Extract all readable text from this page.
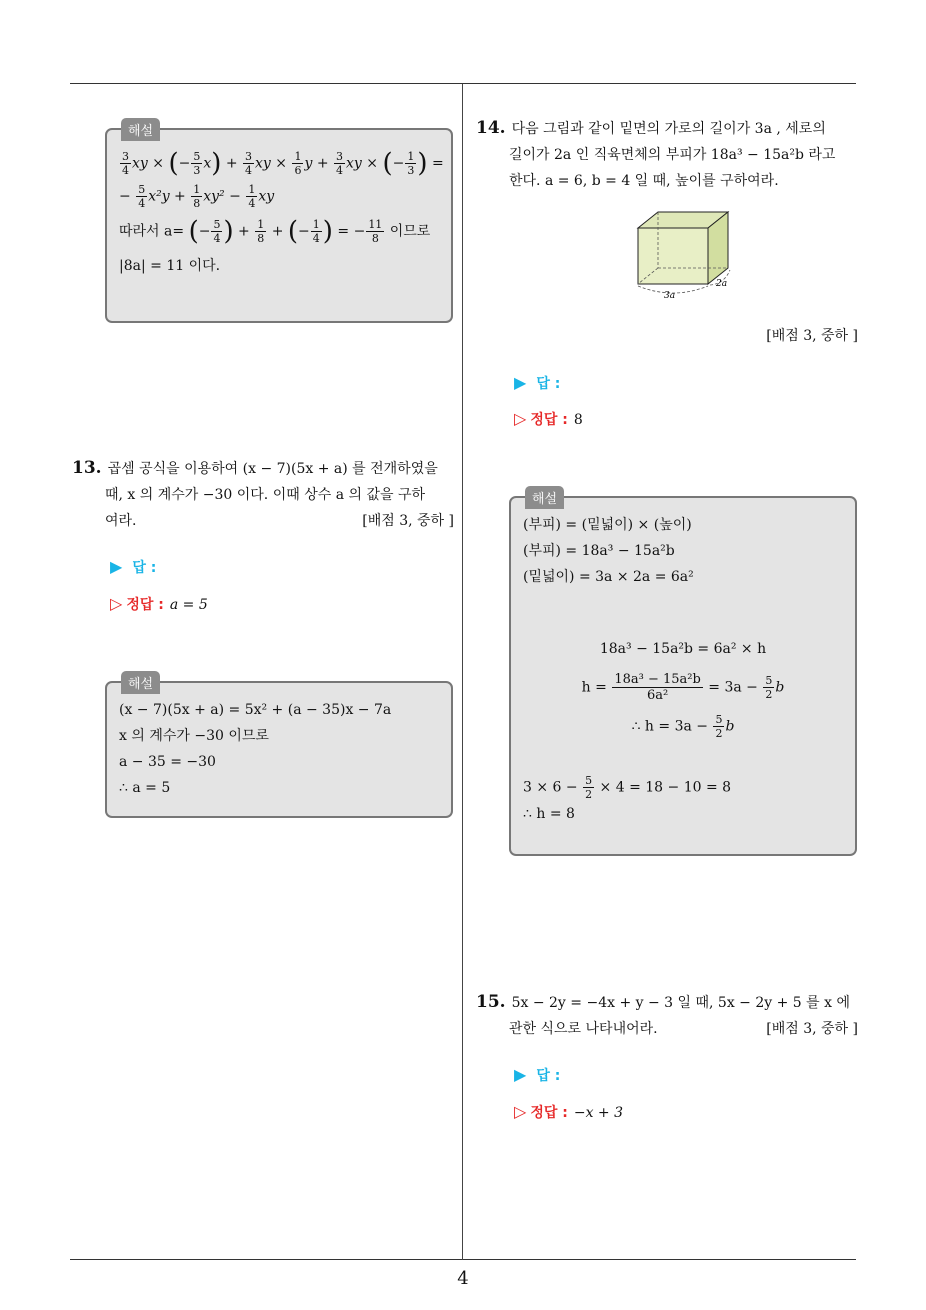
해설
$\frac{3}{4}$ xy × (− $\frac{5}{3} x) + \frac{3}{4}$ xy × $\frac{1}{6}$ $y + \frac{3}{4}$ xy × (− $\frac{1}{3}$ ) =
− $\frac{5}{4} x^2y + \frac{1}{8} xy^2 - \frac{1}{4}$ xy
따라서 a= (− $\frac{5}{4}$ ) + $\frac{1}{8}$ + (− $\frac{1}{4}$ ) = − $\frac{11}{8}$ 이므로
|8a| = 11 이다.
13. 곱셈 공식을 이용하여 (x − 7)(5x + a) 를 전개하였을
때, x 의 계수가 −30 이다. 이때 상수 a 의 값을 구하
여라.	[배점 3, 중하 ]
▶ 답 :
▷ 정답 : a = 5
해설
(x − 7)(5x + a) = 5x² + (a − 35)x − 7a
x 의 계수가 −30 이므로
a − 35 = −30
∴ a = 5
14. 다음 그림과 같이 밑면의 가로의 길이가 3a , 세로의
길이가 2a 인 직육면체의 부피가 18a³ − 15a²b 라고
한다. a = 6, b = 4 일 때, 높이를 구하여라.
3a
2a
[배점 3, 중하 ]
▶ 답 :
▷ 정답 : 8
해설
(부피) = (밑넓이) × (높이)
(부피) = 18a³ − 15a²b
(밑넓이) = 3a × 2a = 6a²
18a³ − 15a²b = 6a² × h
$h = \frac{\text{18a³ − 15a²b}}{\text{6a²}} = 3a - \frac{5}{2}$ b
∴ $h = 3a - \frac{5}{2}$ b
$3 \times 6 - \frac{5}{2} \times 4 = 18 - 10 = 8$
∴ h = 8
15. 5x − 2y = −4x + y − 3 일 때, 5x − 2y + 5 를 x 에
관한 식으로 나타내어라.	[배점 3, 중하 ]
▶ 답 :
▷ 정답 : −x + 3
4
